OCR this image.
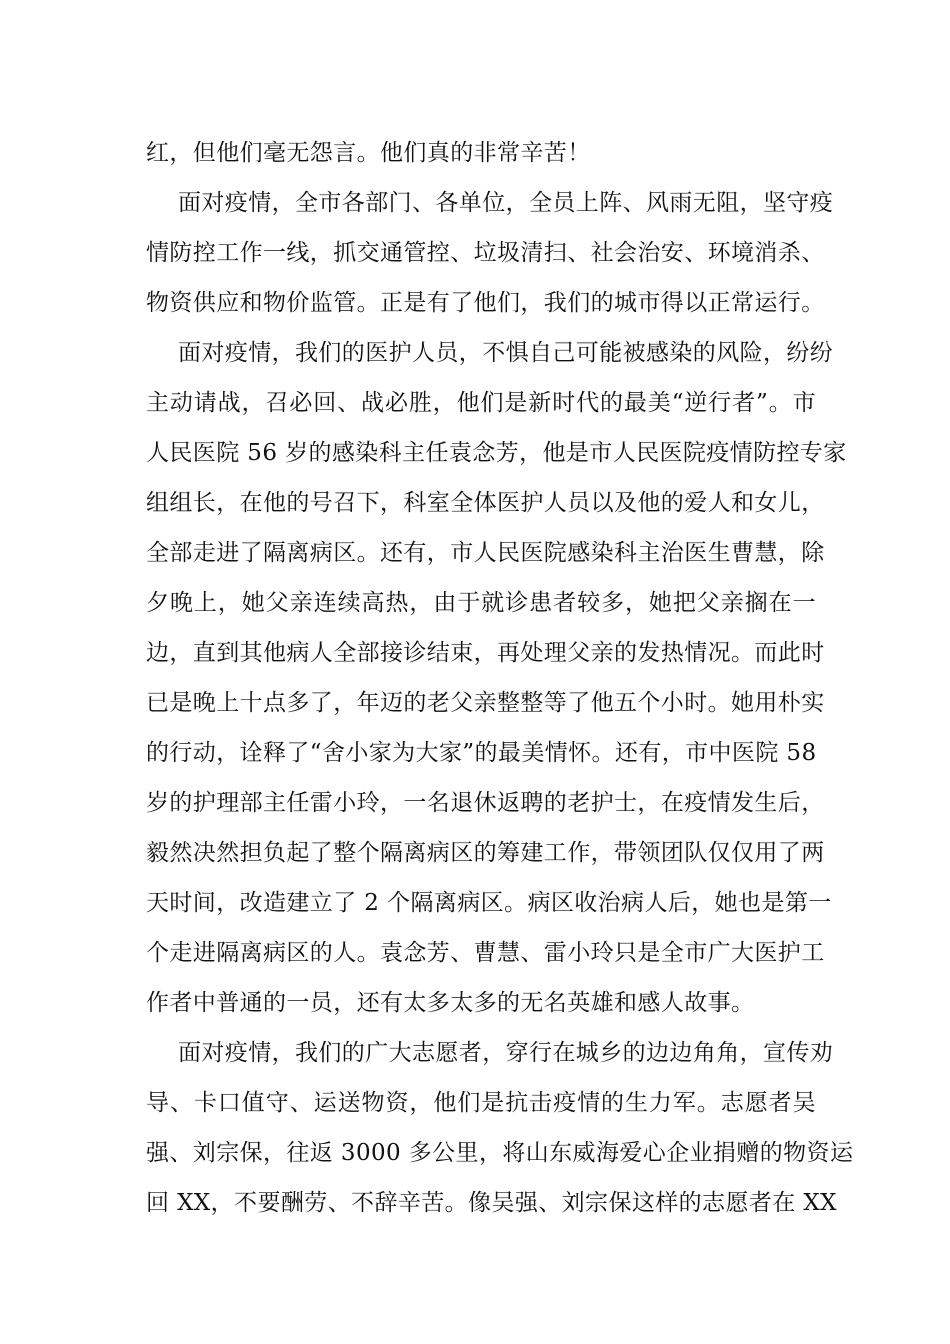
红，但他们毫无怨言。他们真的非常辛苦！
面对疫情，全市各部门、各单位，全员上阵、风雨无阻，坚守疫
情防控工作一线，抓交通管控、垃圾清扫、社会治安、环境消杀、
物资供应和物价监管。正是有了他们，我们的城市得以正常运行。
面对疫情，我们的医护人员，不惧自己可能被感染的风险，纷纷
主动请战，召必回、战必胜，他们是新时代的最美“逆行者”。市
人民医院 56 岁的感染科主任袁念芳，他是市人民医院疫情防控专家
组组长，在他的号召下，科室全体医护人员以及他的爱人和女儿，
全部走进了隔离病区。还有，市人民医院感染科主治医生曹慧，除
夕晚上，她父亲连续高热，由于就诊患者较多，她把父亲搁在一
边，直到其他病人全部接诊结束，再处理父亲的发热情况。而此时
已是晚上十点多了，年迈的老父亲整整等了他五个小时。她用朴实
的行动，诠释了“舍小家为大家”的最美情怀。还有，市中医院 58
岁的护理部主任雷小玲，一名退休返聘的老护士，在疫情发生后，
毅然决然担负起了整个隔离病区的筹建工作，带领团队仅仅用了两
天时间，改造建立了 2 个隔离病区。病区收治病人后，她也是第一
个走进隔离病区的人。袁念芳、曹慧、雷小玲只是全市广大医护工
作者中普通的一员，还有太多太多的无名英雄和感人故事。
面对疫情，我们的广大志愿者，穿行在城乡的边边角角，宣传劝
导、卡口值守、运送物资，他们是抗击疫情的生力军。志愿者吴
强、刘宗保，往返 3000 多公里，将山东威海爱心企业捐赠的物资运
回 XX，不要酬劳、不辞辛苦。像吴强、刘宗保这样的志愿者在 XX
